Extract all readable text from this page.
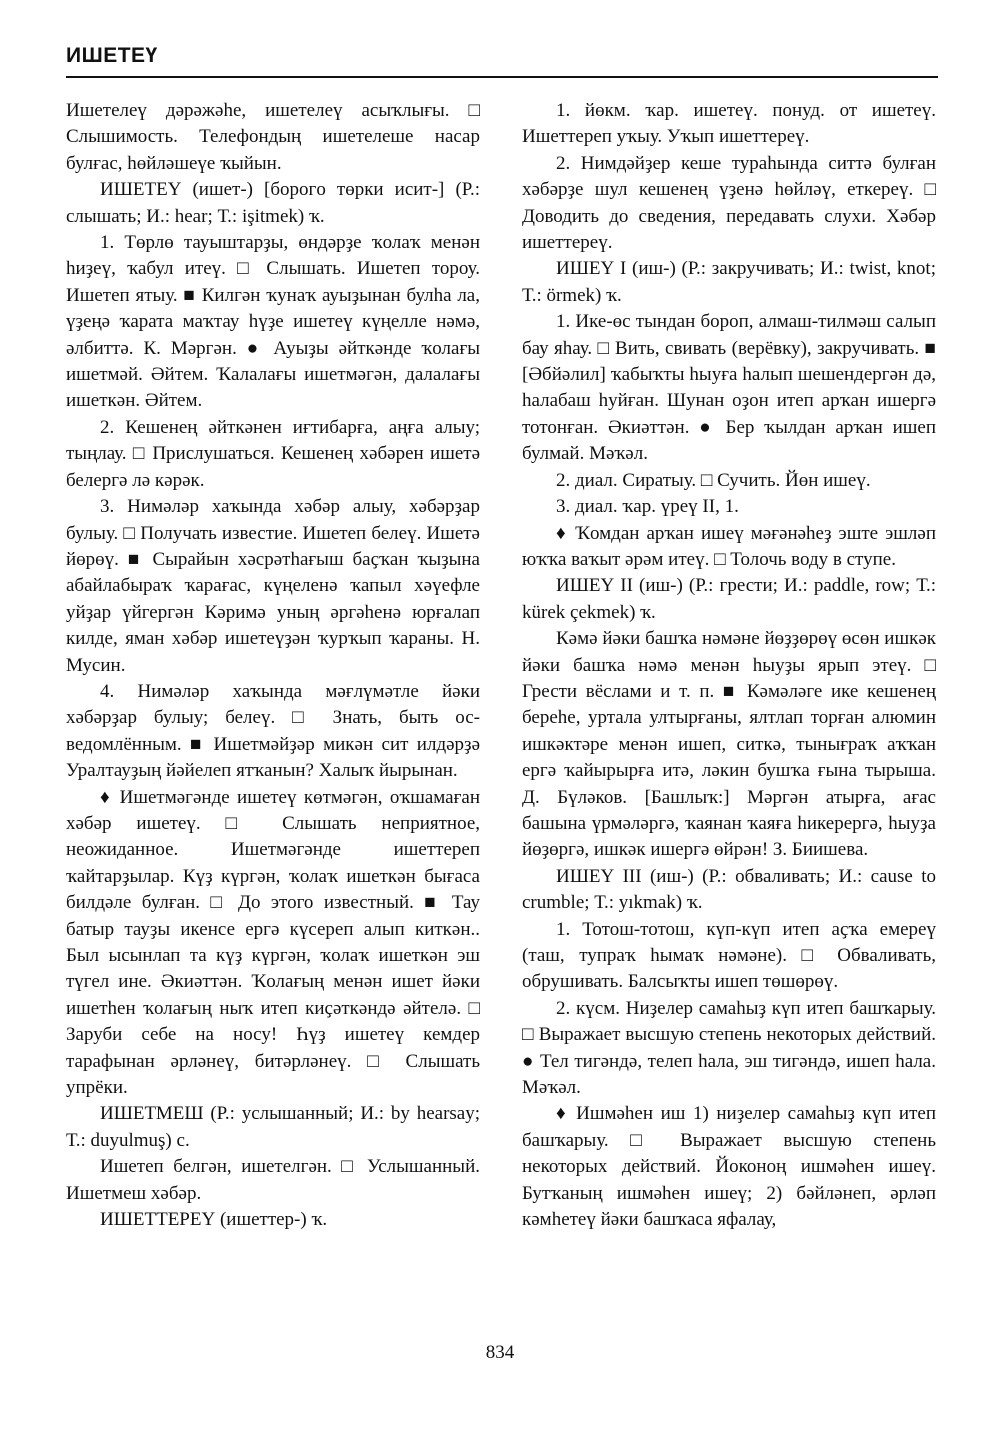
ИШЕТЕҮ

Ишетелеү дәрәжәһе, ишетелеү асыҡлығы. □ Слышимость. Телефондың ишетелеше насар булғас, һөйләшеүе ҡыйын.

ИШЕТЕҮ (ишет-) [борогo төрки исит-] (Р.: слышать; И.: hear; Т.: işitmek) ҡ.

1. Төрлө тауыштарҙы, өндәрҙе ҡолаҡ менән һиҙеү, ҡабул итеү. □ Слышать. Ишетеп тороу. Ишетеп ятыу. ■ Килгән ҡунаҡ ауыҙынан булһа ла, үҙеңә ҡарата маҡтау һүҙе ишетеү күңелле нәмә, әлбиттә. К. Мәргән. ● Ауыҙы әйткәнде ҡолағы ишетмәй. Әйтем. Ҡалалағы ишетмәгән, далалағы ишеткән. Әйтем.

2. Кешенең әйткәнен иғтибарға, аңға алыу; тыңлау. □ Прислушаться. Кешенең хәбәрен ишетә белергә лә кәрәк.

3. Нимәләр хаҡында хәбәр алыу, хәбәрҙар булыу. □ Получать известие. Ишетеп белеү. Ишетә йөрөү. ■ Сырайын хәсрәтһағыш баҫҡан ҡыҙына абайлабыраҡ ҡарағас, күңеленә ҡапыл хәүефле уйҙар үйгергән Кәримә уның әргәһенә юрғалап килде, яман хәбәр ишетеүҙән ҡурҡып ҡараны. Н. Мусин.

4. Нимәләр хаҡында мәғлүмәтле йәки хәбәрҙар булыу; белеү. □ Знать, быть осведомлённым. ■ Ишетмәйҙәр микән сит илдәрҙә Уралтауҙың йәйелеп ятҡанын? Халыҡ йырынан.

♦ Ишетмәгәнде ишетеү көтмәгән, оҡшамаған хәбәр ишетеү. □ Слышать неприятное, неожиданное. Ишетмәгәнде ишеттереп ҡайтарҙылар. Күҙ күргән, ҡолаҡ ишеткән бығаса билдәле булған. □ До этого известный. ■ Тау батыр тауҙы икенсе ергә күсереп алып киткән.. Был ысынлап та күҙ күргән, ҡолаҡ ишеткән эш түгел ине. Әкиәттән. Ҡолағың менән ишет йәки ишетһен ҡолағың ныҡ итеп киҫәткәндә әйтелә. □ Заруби себе на носу! Һүҙ ишетеү кемдер тарафынан әрләнеү, битәрләнеү. □ Слышать упрёки.

ИШЕТМЕШ (Р.: услышанный; И.: by hearsay; Т.: duyulmuş) с.

Ишетеп белгән, ишетелгән. □ Услышанный. Ишетмеш хәбәр.

ИШЕТТЕРЕҮ (ишеттер-) ҡ.

1. йөкм. ҡар. ишетеү. понуд. от ишетеү. Ишеттереп уҡыу. Уҡып ишеттереү.

2. Нимдәйҙер кеше тураһында ситтә булған хәбәрҙе шул кешенең үҙенә һөйләү, еткереү. □ Доводить до сведения, передавать слухи. Хәбәр ишеттереү.

ИШЕҮ I (иш-) (Р.: закручивать; И.: twist, knot; Т.: örmek) ҡ.

1. Ике-өс тындан бороп, алмаш-тилмәш салып бау яһау. □ Вить, свивать (верёвку), закручивать. ■ [Әбйәлил] ҡабыҡты һыуға һалып шешендергән дә, һалабаш һуйған. Шунан оҙон итеп арҡан ишергә тотонған. Әкиәттән. ● Бер ҡылдан арҡан ишеп булмай. Мәҡәл.

2. диал. Сиратыу. □ Сучить. Йөн ишеү.

3. диал. ҡар. үреү II, 1.

♦ Ҡомдан арҡан ишеү мәғәнәһеҙ эште эшләп юҡҡа ваҡыт әрәм итеү. □ Толочь воду в ступе.

ИШЕҮ II (иш-) (Р.: грести; И.: paddle, row; Т.: kürek çekmek) ҡ.

Кәмә йәки башҡа нәмәне йөҙҙөрөү өсөн ишкәк йәки башҡа нәмә менән һыуҙы ярып этеү. □ Грести вёслами и т. п. ■ Кәмәләге ике кешенең береһе, уртала ултырғаны, ялтлап торған алюмин ишкәктәре менән ишеп, ситкә, тынығраҡ аҡҡан ергә ҡайырырға итә, ләкин бушҡа ғына тырыша. Д. Бүләков. [Башлыҡ:] Мәргән атырға, ағас башына үрмәләргә, ҡаянан ҡаяға һикерергә, һыуҙа йөҙөргә, ишкәк ишергә өйрән! З. Биишева.

ИШЕҮ III (иш-) (Р.: обваливать; И.: cause to crumble; Т.: yıkmak) ҡ.

1. Тотош-тотош, күп-күп итеп аҫҡа емереү (таш, тупраҡ һымаҡ нәмәне). □ Обваливать, обрушивать. Балсыҡты ишеп төшөрөү.

2. күсм. Ниҙелер самаһыҙ күп итеп башҡарыу. □ Выражает высшую степень некоторых действий. ● Тел тигәндә, телеп һала, эш тигәндә, ишеп һала. Мәҡәл.

♦ Ишмәһен иш 1) ниҙелер самаһыҙ күп итеп башҡарыу. □ Выражает высшую степень некоторых действий. Йоконоң ишмәһен ишеү. Бутҡаның ишмәһен ишеү; 2) бәйләнеп, әрләп кәмһетеү йәки башҡаса яфалау,

834
